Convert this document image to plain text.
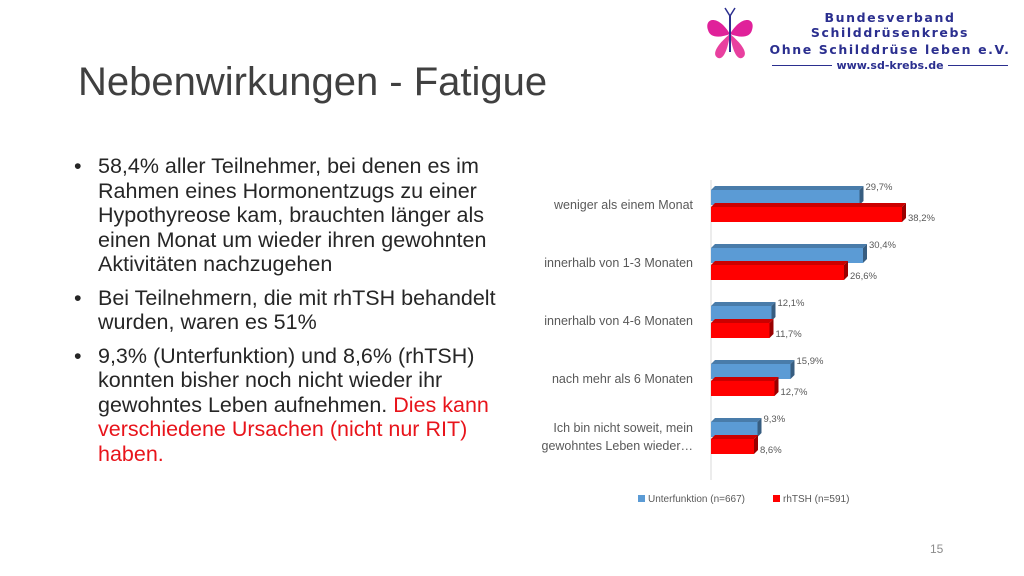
Bundesverband Schilddrüsenkrebs
Ohne Schilddrüse leben e.V.
www.sd-krebs.de
Nebenwirkungen - Fatigue
• 58,4% aller Teilnehmer, bei denen es im Rahmen eines Hormonentzugs zu einer Hypothyreose kam, brauchten länger als einen Monat um wieder ihren gewohnten Aktivitäten nachzugehen
• Bei Teilnehmern, die mit rhTSH behandelt wurden, waren es 51%
• 9,3% (Unterfunktion) und 8,6% (rhTSH) konnten bisher noch nicht wieder ihr gewohntes Leben aufnehmen. Dies kann verschiedene Ursachen (nicht nur RIT) haben.
weniger als einem Monat
29,7%
38,2%
innerhalb von 1-3 Monaten
30,4%
26,6%
innerhalb von 4-6 Monaten
12,1%
11,7%
nach mehr als 6 Monaten
15,9%
12,7%
Ich bin nicht soweit, mein gewohntes Leben wieder…
9,3%
8,6%
Unterfunktion (n=667)	rhTSH (n=591)
15
